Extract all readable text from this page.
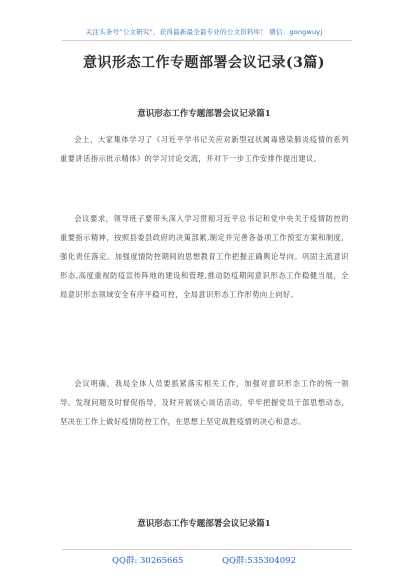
关注头条号“公文研究”，获得最新最全最专业的公文资料库！ 微信：gongwuyj
意识形态工作专题部署会议记录(3篇)
意识形态工作专题部署会议记录篇1
会上，大家集体学习了《习近平学书记关应对新型冠状属毒感染肺炎疫情的系列重要讲话指示批示精体》的学习讨论交流，并对下一步工作安排作提出建议。
会议要求，领导班子要带头深入学习贯彻习近平总书记和党中央关于疫情防控的重要指示精神，按照县委县政府的决策部累,制定并完善各备项工作预室方案和制度，强化责任落定。加强度情防控期间的思想教育工作把握正确舆论导向。巩固主流意识形态,高度重视防疫宣传阵地的建设和管理,推动防疫期间意识形态工作稳健当展，全局意识形态领域安全有序平稳可控，全局意识形态工作形势向上向好。
会议明确，我局全体人员要抓紧落实相关工作，加强对意识形态工作的统一领导。发现问题及时督促指导，及时开展谈心谈话活动，牢牢把握党员干部思想动态，坚决在工作上做好疫情防控工作，在思想上坚定战胜疫情的决心和意志。
意识形态工作专题部署会议记录篇1
QQ群: 30265665	QQ群:535304092
